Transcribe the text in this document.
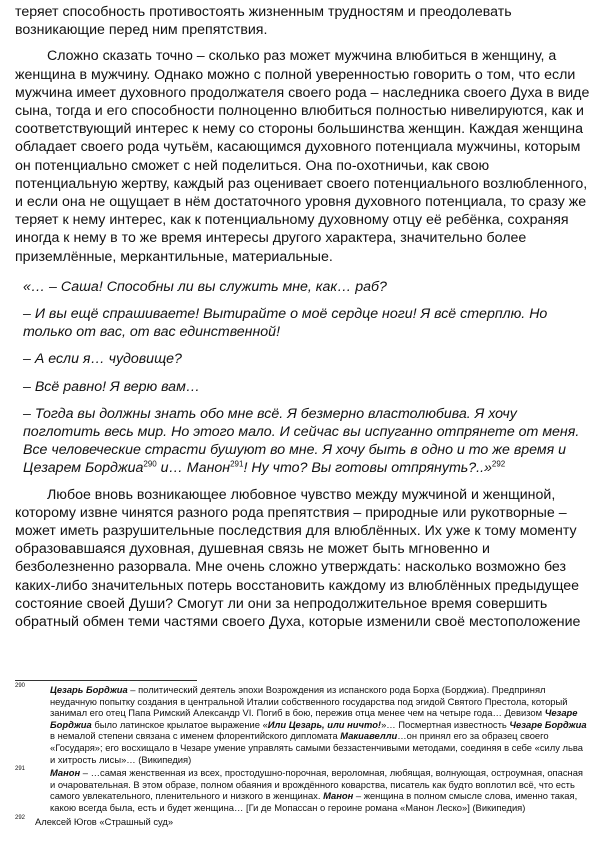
теряет способность противостоять жизненным трудностям и преодолевать возникающие перед ним препятствия.

Сложно сказать точно – сколько раз может мужчина влюбиться в женщину, а женщина в мужчину. Однако можно с полной уверенностью говорить о том, что если мужчина имеет духовного продолжателя своего рода – наследника своего Духа в виде сына, тогда и его способности полноценно влюбиться полностью нивелируются, как и соответствующий интерес к нему со стороны большинства женщин. Каждая женщина обладает своего рода чутьём, касающимся духовного потенциала мужчины, которым он потенциально сможет с ней поделиться. Она по-охотничьи, как свою потенциальную жертву, каждый раз оценивает своего потенциального возлюбленного, и если она не ощущает в нём достаточного уровня духовного потенциала, то сразу же теряет к нему интерес, как к потенциальному духовному отцу её ребёнка, сохраняя иногда к нему в то же время интересы другого характера, значительно более приземлённые, меркантильные, материальные.

«… – Саша! Способны ли вы служить мне, как… раб?

– И вы ещё спрашиваете! Вытирайте о моё сердце ноги! Я всё стерплю. Но только от вас, от вас единственной!

– А если я… чудовище?

– Всё равно! Я верю вам…

– Тогда вы должны знать обо мне всё. Я безмерно властолюбива. Я хочу поглотить весь мир. Но этого мало. И сейчас вы испуганно отпрянете от меня. Все человеческие страсти бушуют во мне. Я хочу быть в одно и то же время и Цезарем Борджиа$^{290}$ и… Манон$^{291}$! Ну что? Вы готовы отпрянуть?..»$^{292}$

Любое вновь возникающее любовное чувство между мужчиной и женщиной, которому извне чинятся разного рода препятствия – природные или рукотворные – может иметь разрушительные последствия для влюблённых. Их уже к тому моменту образовавшаяся духовная, душевная связь не может быть мгновенно и безболезненно разорвала. Мне очень сложно утверждать: насколько возможно без каких-либо значительных потерь восстановить каждому из влюблённых предыдущее состояние своей Души? Смогут ли они за непродолжительное время совершить обратный обмен теми частями своего Духа, которые изменили своё местоположение

290	Цезарь Борджиа – политический деятель эпохи Возрождения из испанского рода Борха (Борджиа). Предпринял неудачную попытку создания в центральной Италии собственного государства под эгидой Святого Престола, который занимал его отец Папа Римский Александр VI. Погиб в бою, пережив отца менее чем на четыре года… Девизом Чезаре Борджиа было латинское крылатое выражение «Или Цезарь, или ничто!»… Посмертная известность Чезаре Борджиа в немалой степени связана с именем флорентийского дипломата Макиавелли…он принял его за образец своего «Государя»; его восхищало в Чезаре умение управлять самыми беззастенчивыми методами, соединяя в себе «силу льва и хитрость лисы»… (Википедия)
291	Манон – …самая женственная из всех, простодушно-порочная, вероломная, любящая, волнующая, остроумная, опасная и очаровательная. В этом образе, полном обаяния и врождённого коварства, писатель как будто воплотил всё, что есть самого увлекательного, пленительного и низкого в женщинах. Манон – женщина в полном смысле слова, именно такая, какою всегда была, есть и будет женщина… [Ги де Мопассан о героине романа «Манон Леско»] (Википедия)
292 Алексей Югов «Страшный суд»
